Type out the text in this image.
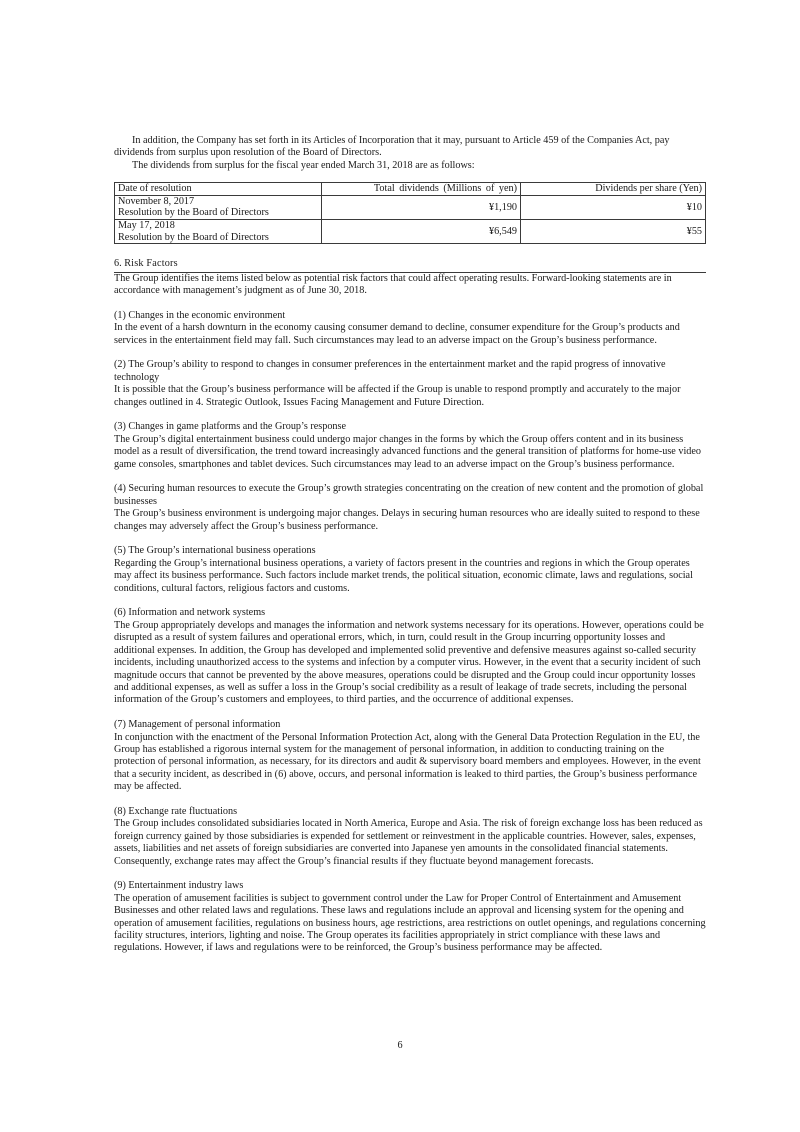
In addition, the Company has set forth in its Articles of Incorporation that it may, pursuant to Article 459 of the Companies Act, pay dividends from surplus upon resolution of the Board of Directors.

The dividends from surplus for the fiscal year ended March 31, 2018 are as follows:

Date of resolution	Total dividends (Millions of yen)	Dividends per share (Yen)

November 8, 2017
Resolution by the Board of Directors	¥1,190	¥10

May 17, 2018
Resolution by the Board of Directors	¥6,549	¥55
6. Risk Factors

The Group identifies the items listed below as potential risk factors that could affect operating results. Forward-looking statements are in accordance with management’s judgment as of June 30, 2018.

(1) Changes in the economic environment

In the event of a harsh downturn in the economy causing consumer demand to decline, consumer expenditure for the Group’s products and services in the entertainment field may fall. Such circumstances may lead to an adverse impact on the Group’s business performance.

(2) The Group’s ability to respond to changes in consumer preferences in the entertainment market and the rapid progress of innovative technology

It is possible that the Group’s business performance will be affected if the Group is unable to respond promptly and accurately to the major changes outlined in 4. Strategic Outlook, Issues Facing Management and Future Direction.

(3) Changes in game platforms and the Group’s response

The Group’s digital entertainment business could undergo major changes in the forms by which the Group offers content and in its business model as a result of diversification, the trend toward increasingly advanced functions and the general transition of platforms for home-use video game consoles, smartphones and tablet devices. Such circumstances may lead to an adverse impact on the Group’s business performance.

(4) Securing human resources to execute the Group’s growth strategies concentrating on the creation of new content and the promotion of global businesses

The Group’s business environment is undergoing major changes. Delays in securing human resources who are ideally suited to respond to these changes may adversely affect the Group’s business performance.

(5) The Group’s international business operations

Regarding the Group’s international business operations, a variety of factors present in the countries and regions in which the Group operates may affect its business performance. Such factors include market trends, the political situation, economic climate, laws and regulations, social conditions, cultural factors, religious factors and customs.

(6) Information and network systems

The Group appropriately develops and manages the information and network systems necessary for its operations. However, operations could be disrupted as a result of system failures and operational errors, which, in turn, could result in the Group incurring opportunity losses and additional expenses. In addition, the Group has developed and implemented solid preventive and defensive measures against so-called security incidents, including unauthorized access to the systems and infection by a computer virus. However, in the event that a security incident of such magnitude occurs that cannot be prevented by the above measures, operations could be disrupted and the Group could incur opportunity losses and additional expenses, as well as suffer a loss in the Group’s social credibility as a result of leakage of trade secrets, including the personal information of the Group’s customers and employees, to third parties, and the occurrence of additional expenses.

(7) Management of personal information

In conjunction with the enactment of the Personal Information Protection Act, along with the General Data Protection Regulation in the EU, the Group has established a rigorous internal system for the management of personal information, in addition to conducting training on the protection of personal information, as necessary, for its directors and audit & supervisory board members and employees. However, in the event that a security incident, as described in (6) above, occurs, and personal information is leaked to third parties, the Group’s business performance may be affected.

(8) Exchange rate fluctuations

The Group includes consolidated subsidiaries located in North America, Europe and Asia. The risk of foreign exchange loss has been reduced as foreign currency gained by those subsidiaries is expended for settlement or reinvestment in the applicable countries. However, sales, expenses, assets, liabilities and net assets of foreign subsidiaries are converted into Japanese yen amounts in the consolidated financial statements. Consequently, exchange rates may affect the Group’s financial results if they fluctuate beyond management forecasts.

(9) Entertainment industry laws

The operation of amusement facilities is subject to government control under the Law for Proper Control of Entertainment and Amusement Businesses and other related laws and regulations. These laws and regulations include an approval and licensing system for the opening and operation of amusement facilities, regulations on business hours, age restrictions, area restrictions on outlet openings, and regulations concerning facility structures, interiors, lighting and noise. The Group operates its facilities appropriately in strict compliance with these laws and regulations. However, if laws and regulations were to be reinforced, the Group’s business performance may be affected.

6
